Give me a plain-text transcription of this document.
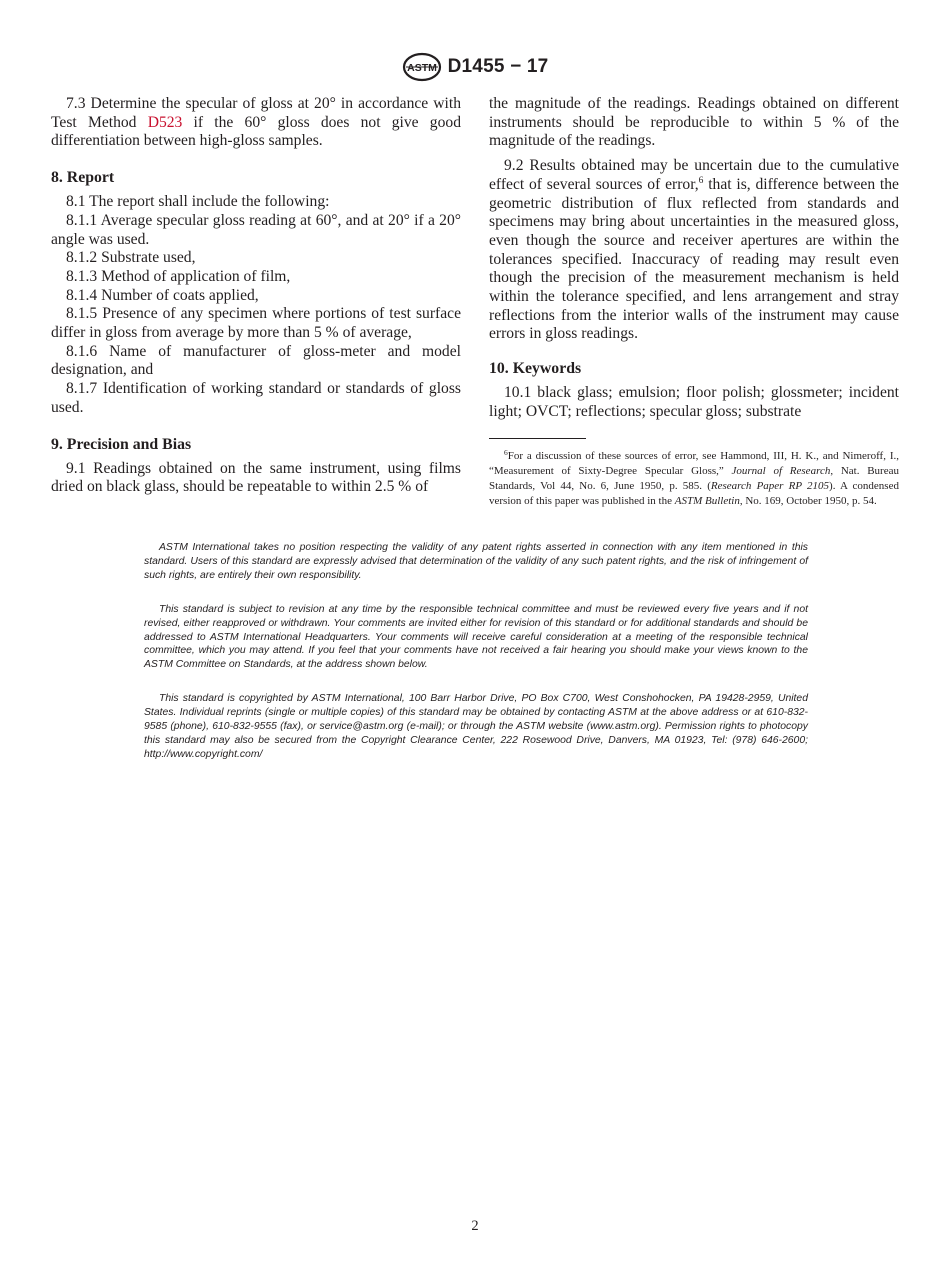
ASTM D1455 − 17

7.3 Determine the specular of gloss at 20° in accordance with Test Method D523 if the 60° gloss does not give good differentiation between high-gloss samples.

8. Report

8.1 The report shall include the following:

8.1.1 Average specular gloss reading at 60°, and at 20° if a 20° angle was used.

8.1.2 Substrate used,

8.1.3 Method of application of film,

8.1.4 Number of coats applied,

8.1.5 Presence of any specimen where portions of test surface differ in gloss from average by more than 5 % of average,

8.1.6 Name of manufacturer of gloss-meter and model designation, and

8.1.7 Identification of working standard or standards of gloss used.

9. Precision and Bias

9.1 Readings obtained on the same instrument, using films dried on black glass, should be repeatable to within 2.5 % of

the magnitude of the readings. Readings obtained on different instruments should be reproducible to within 5 % of the magnitude of the readings.

9.2 Results obtained may be uncertain due to the cumulative effect of several sources of error,$^6$ that is, difference between the geometric distribution of flux reflected from standards and specimens may bring about uncertainties in the measured gloss, even though the source and receiver apertures are within the tolerances specified. Inaccuracy of reading may result even though the precision of the measurement mechanism is held within the tolerance specified, and lens arrangement and stray reflections from the interior walls of the instrument may cause errors in gloss readings.

10. Keywords

10.1 black glass; emulsion; floor polish; glossmeter; incident light; OVCT; reflections; specular gloss; substrate

$^6$For a discussion of these sources of error, see Hammond, III, H. K., and Nimeroff, I., “Measurement of Sixty-Degree Specular Gloss,” Journal of Research, Nat. Bureau Standards, Vol 44, No. 6, June 1950, p. 585. (Research Paper RP 2105). A condensed version of this paper was published in the ASTM Bulletin, No. 169, October 1950, p. 54.

ASTM International takes no position respecting the validity of any patent rights asserted in connection with any item mentioned in this standard. Users of this standard are expressly advised that determination of the validity of any such patent rights, and the risk of infringement of such rights, are entirely their own responsibility.

This standard is subject to revision at any time by the responsible technical committee and must be reviewed every five years and if not revised, either reapproved or withdrawn. Your comments are invited either for revision of this standard or for additional standards and should be addressed to ASTM International Headquarters. Your comments will receive careful consideration at a meeting of the responsible technical committee, which you may attend. If you feel that your comments have not received a fair hearing you should make your views known to the ASTM Committee on Standards, at the address shown below.

This standard is copyrighted by ASTM International, 100 Barr Harbor Drive, PO Box C700, West Conshohocken, PA 19428-2959, United States. Individual reprints (single or multiple copies) of this standard may be obtained by contacting ASTM at the above address or at 610-832-9585 (phone), 610-832-9555 (fax), or service@astm.org (e-mail); or through the ASTM website (www.astm.org). Permission rights to photocopy this standard may also be secured from the Copyright Clearance Center, 222 Rosewood Drive, Danvers, MA 01923, Tel: (978) 646-2600; http://www.copyright.com/

2
